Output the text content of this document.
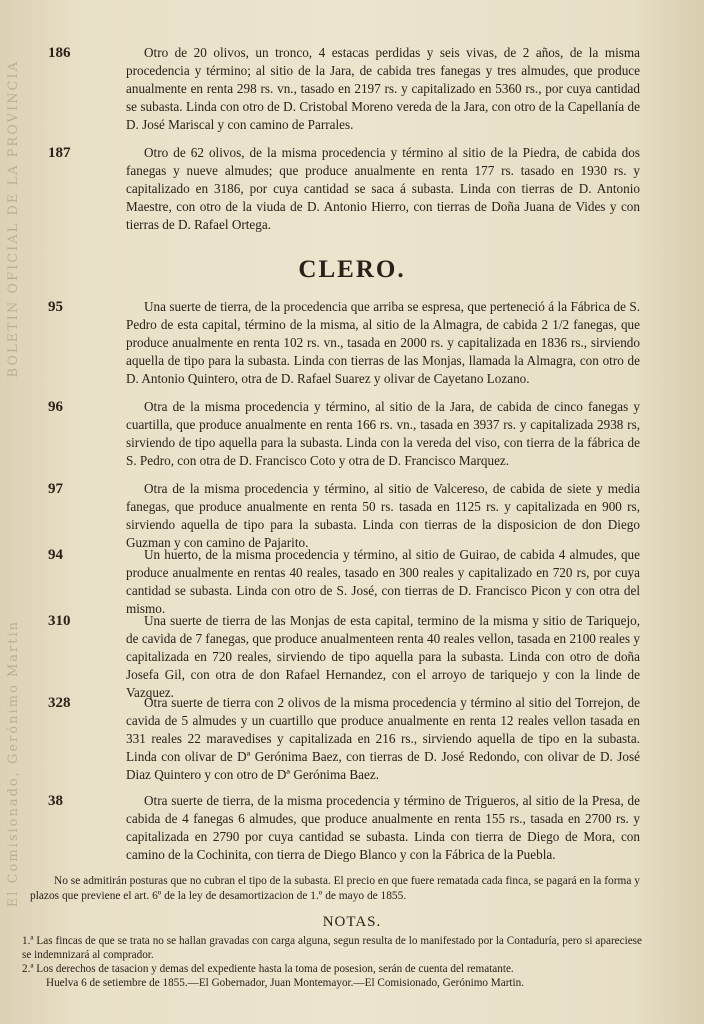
BOLETIN OFICIAL DE LA PROVINCIA
El Comisionado, Gerónimo Martin
186	Otro de 20 olivos, un tronco, 4 estacas perdidas y seis vivas, de 2 años, de la misma procedencia y término; al sitio de la Jara, de cabida tres fanegas y tres almudes, que produce anualmente en renta 298 rs. vn., tasado en 2197 rs. y capitalizado en 5360 rs., por cuya cantidad se subasta. Linda con otro de D. Cristobal Moreno vereda de la Jara, con otro de la Capellanía de D. José Mariscal y con camino de Parrales.
187	Otro de 62 olivos, de la misma procedencia y término al sitio de la Piedra, de cabida dos fanegas y nueve almudes; que produce anualmente en renta 177 rs. tasado en 1930 rs. y capitalizado en 3186, por cuya cantidad se saca á subasta. Linda con tierras de D. Antonio Maestre, con otro de la viuda de D. Antonio Hierro, con tierras de Doña Juana de Vides y con tierras de D. Rafael Ortega.
CLERO.
95	Una suerte de tierra, de la procedencia que arriba se espresa, que perteneció á la Fábrica de S. Pedro de esta capital, término de la misma, al sitio de la Almagra, de cabida 2 1/2 fanegas, que produce anualmente en renta 102 rs. vn., tasada en 2000 rs. y capitalizada en 1836 rs., sirviendo aquella de tipo para la subasta. Linda con tierras de las Monjas, llamada la Almagra, con otro de D. Antonio Quintero, otra de D. Rafael Suarez y olivar de Cayetano Lozano.
96	Otra de la misma procedencia y término, al sitio de la Jara, de cabida de cinco fanegas y cuartilla, que produce anualmente en renta 166 rs. vn., tasada en 3937 rs. y capitalizada 2938 rs, sirviendo de tipo aquella para la subasta. Linda con la vereda del viso, con tierra de la fábrica de S. Pedro, con otra de D. Francisco Coto y otra de D. Francisco Marquez.
97	Otra de la misma procedencia y término, al sitio de Valcereso, de cabida de siete y media fanegas, que produce anualmente en renta 50 rs. tasada en 1125 rs. y capitalizada en 900 rs, sirviendo aquella de tipo para la subasta. Linda con tierras de la disposicion de don Diego Guzman y con camino de Pajarito.
94	Un huerto, de la misma procedencia y término, al sitio de Guirao, de cabida 4 almudes, que produce anualmente en rentas 40 reales, tasado en 300 reales y capitalizado en 720 rs, por cuya cantidad se subasta. Linda con otro de S. José, con tierras de D. Francisco Picon y con otra del mismo.
310	Una suerte de tierra de las Monjas de esta capital, termino de la misma y sitio de Tariquejo, de cavida de 7 fanegas, que produce anualmenteen renta 40 reales vellon, tasada en 2100 reales y capitalizada en 720 reales, sirviendo de tipo aquella para la subasta. Linda con otro de doña Josefa Gil, con otra de don Rafael Hernandez, con el arroyo de tariquejo y con la linde de Vazquez.
328	Otra suerte de tierra con 2 olivos de la misma procedencia y término al sitio del Torrejon, de cavida de 5 almudes y un cuartillo que produce anualmente en renta 12 reales vellon tasada en 331 reales 22 maravedises y capitalizada en 216 rs., sirviendo aquella de tipo en la subasta. Linda con olivar de Dª Gerónima Baez, con tierras de D. José Redondo, con olivar de D. José Diaz Quintero y con otro de Dª Gerónima Baez.
38	Otra suerte de tierra, de la misma procedencia y término de Trigueros, al sitio de la Presa, de cabida de 4 fanegas 6 almudes, que produce anualmente en renta 155 rs., tasada en 2700 rs. y capitalizada en 2790 por cuya cantidad se subasta. Linda con tierra de Diego de Mora, con camino de la Cochinita, con tierra de Diego Blanco y con la Fábrica de la Puebla.
No se admitirán posturas que no cubran el tipo de la subasta. El precio en que fuere rematada cada finca, se pagará en la forma y plazos que previene el art. 6º de la ley de desamortizacion de 1.º de mayo de 1855.
NOTAS.
1.ª Las fincas de que se trata no se hallan gravadas con carga alguna, segun resulta de lo manifestado por la Contaduría, pero si apareciese se indemnizará al comprador.
2.ª Los derechos de tasacion y demas del expediente hasta la toma de posesion, serán de cuenta del rematante.
Huelva 6 de setiembre de 1855.—El Gobernador, Juan Montemayor.—El Comisionado, Gerónimo Martin.
